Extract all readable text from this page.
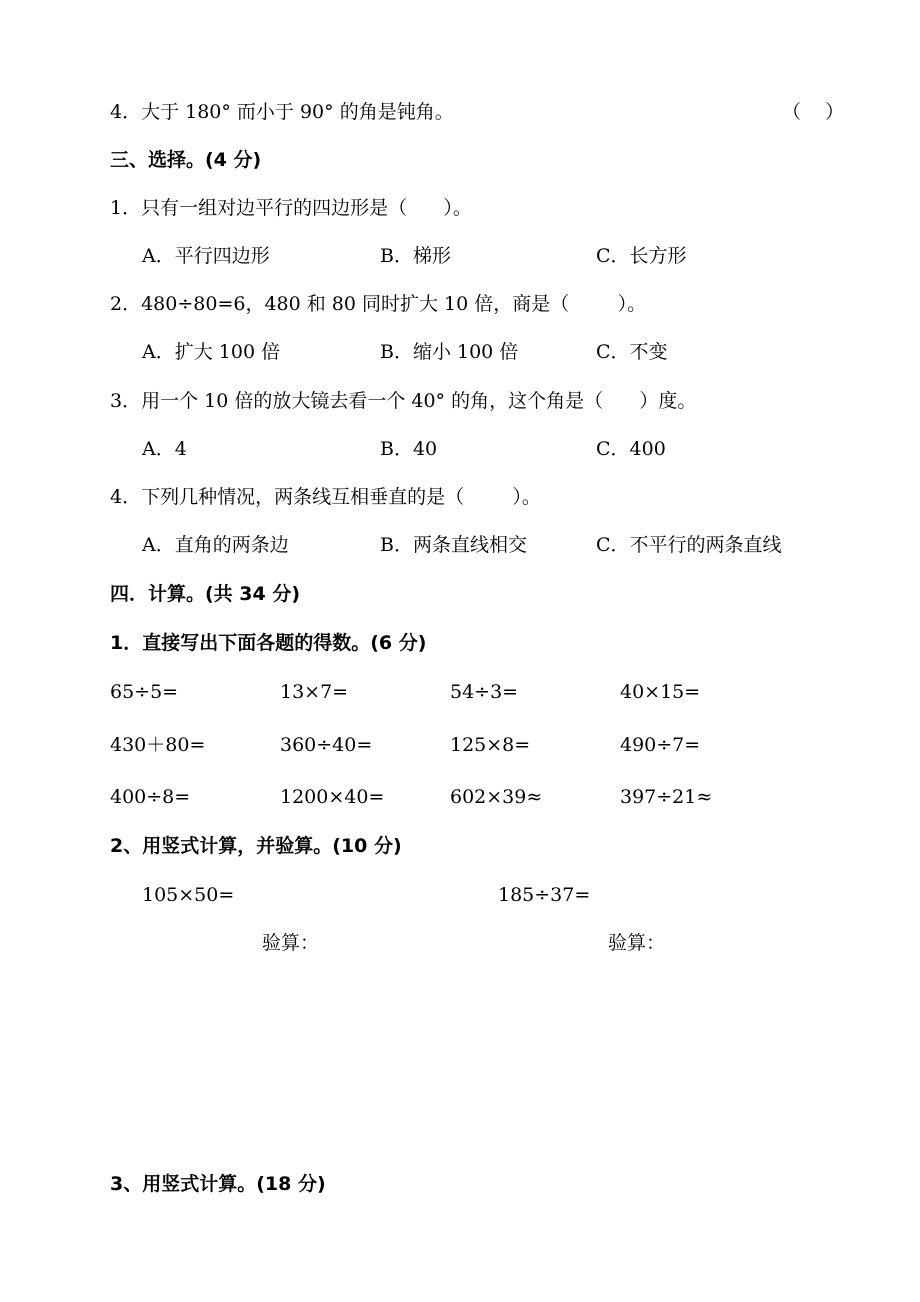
4．大于 180° 而小于 90° 的角是钝角。	（    ）
三、选择。(4 分)
1．只有一组对边平行的四边形是（      ）。
A．平行四边形	B．梯形	C．长方形
2．480÷80=6，480 和 80 同时扩大 10 倍，商是（        ）。
A．扩大 100 倍	B．缩小 100 倍	C．不变
3．用一个 10 倍的放大镜去看一个 40° 的角，这个角是（      ）度。
A．4	B．40	C．400
4．下列几种情况，两条线互相垂直的是（        ）。
A．直角的两条边	B．两条直线相交	C．不平行的两条直线
四．计算。(共 34 分)
1．直接写出下面各题的得数。(6 分)
65÷5=	13×7=	54÷3=	40×15=
430＋80=	360÷40=	125×8=	490÷7=
400÷8=	1200×40=	602×39≈	397÷21≈
2、用竖式计算，并验算。(10 分)
105×50=	185÷37=
验算：	验算：
3、用竖式计算。(18 分)
